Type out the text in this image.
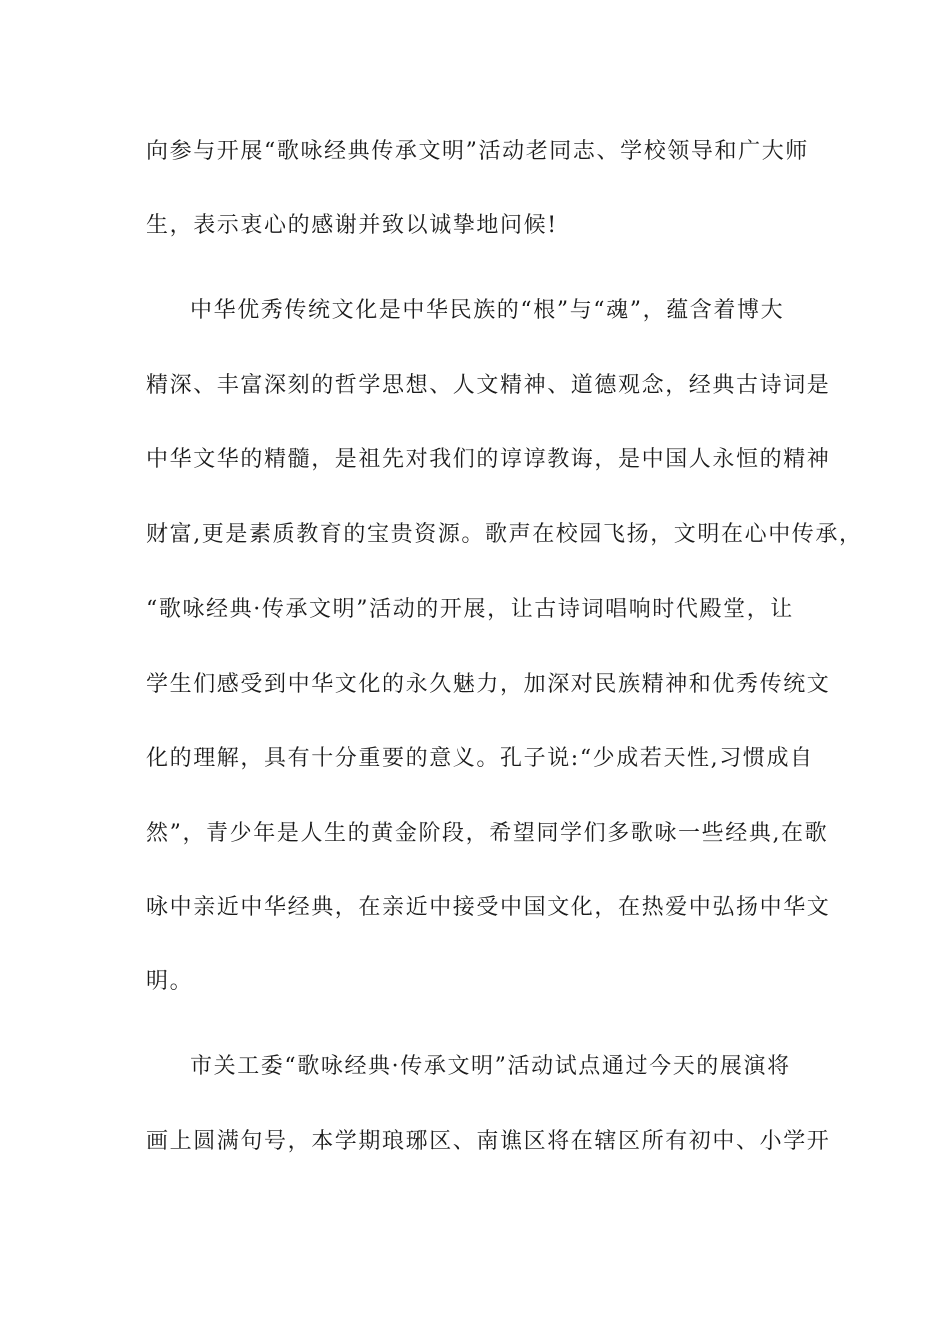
向参与开展“歌咏经典传承文明”活动老同志、学校领导和广大师
生，表示衷心的感谢并致以诚挚地问候!
中华优秀传统文化是中华民族的“根”与“魂”，蕴含着博大
精深、丰富深刻的哲学思想、人文精神、道德观念，经典古诗词是
中华文华的精髓，是祖先对我们的谆谆教诲，是中国人永恒的精神
财富,更是素质教育的宝贵资源。歌声在校园飞扬，文明在心中传承，
“歌咏经典·传承文明”活动的开展，让古诗词唱响时代殿堂，让
学生们感受到中华文化的永久魅力，加深对民族精神和优秀传统文
化的理解，具有十分重要的意义。孔子说:“少成若天性,习惯成自
然”，青少年是人生的黄金阶段，希望同学们多歌咏一些经典,在歌
咏中亲近中华经典，在亲近中接受中国文化，在热爱中弘扬中华文
明。
市关工委“歌咏经典·传承文明”活动试点通过今天的展演将
画上圆满句号，本学期琅琊区、南谯区将在辖区所有初中、小学开
